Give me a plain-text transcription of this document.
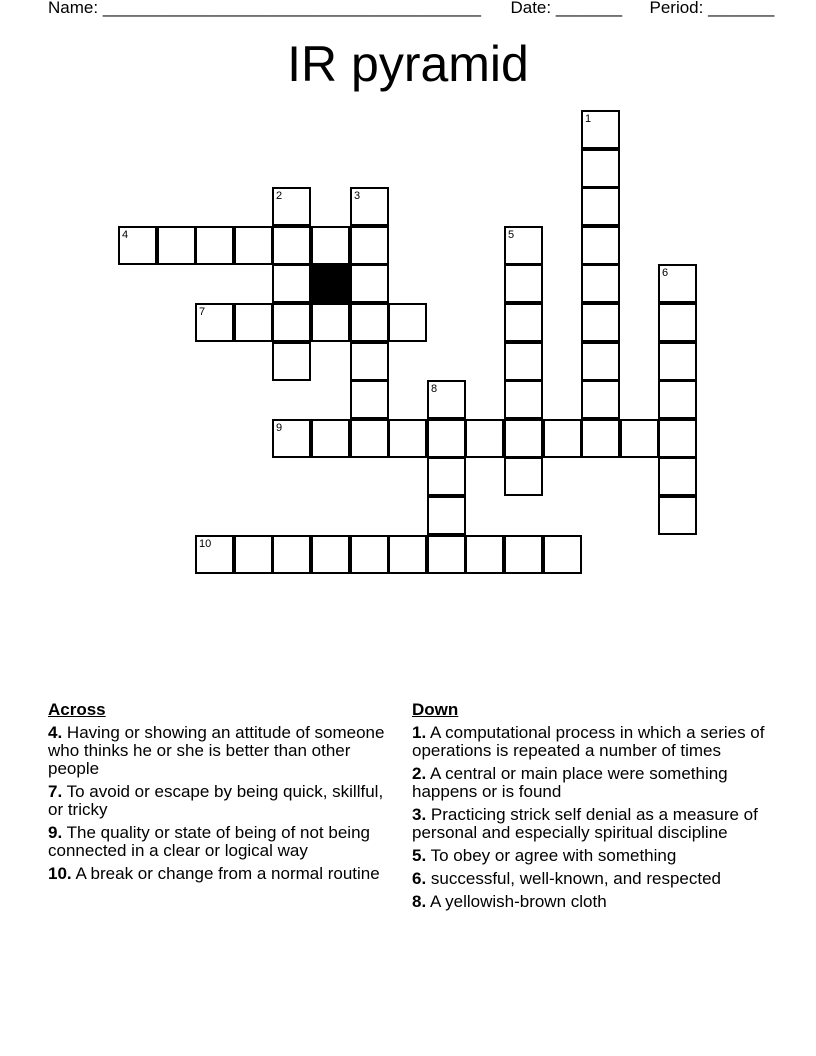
Name: ________________________________________ Date: _______ Period: _______
IR pyramid
1
2	3
4	5
6
7
8
9
10
Across
4. Having or showing an attitude of someone who thinks he or she is better than other people
7. To avoid or escape by being quick, skillful, or tricky
9. The quality or state of being of not being connected in a clear or logical way
10. A break or change from a normal routine
Down
1. A computational process in which a series of operations is repeated a number of times
2. A central or main place were something happens or is found
3. Practicing strick self denial as a measure of personal and especially spiritual discipline
5. To obey or agree with something
6. successful, well-known, and respected
8. A yellowish-brown cloth
